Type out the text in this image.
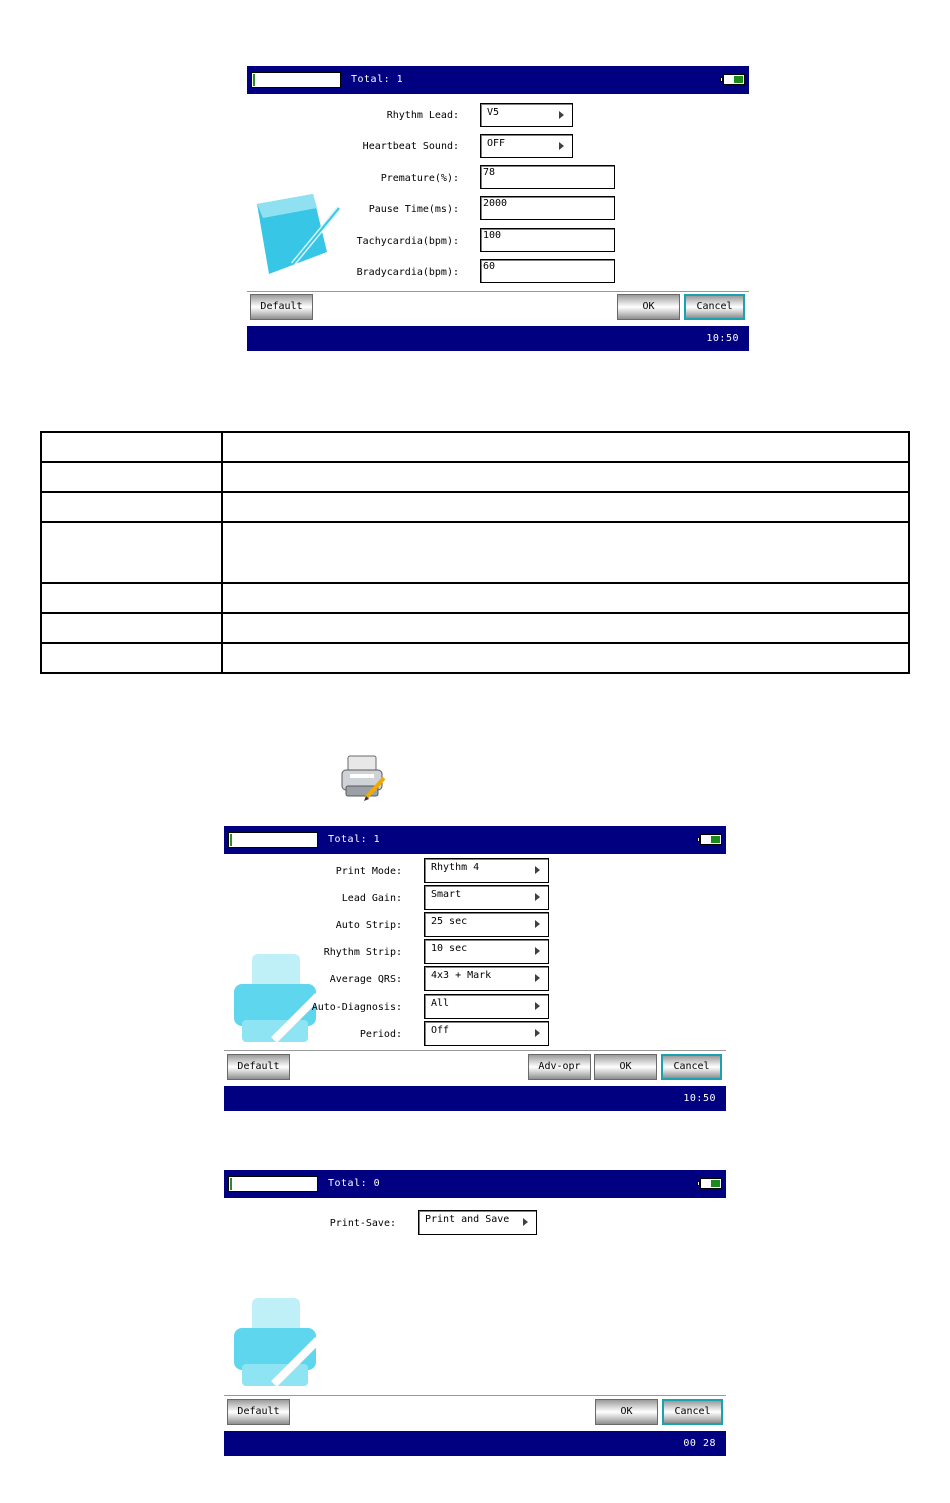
Total: 1
Rhythm Lead:	V5
Heartbeat Sound:	OFF
Premature(%):
78
Pause Time(ms):
2000
Tachycardia(bpm):
100
Bradycardia(bpm):
60
Default	OK	Cancel
10:50

Total: 1
Print Mode:	Rhythm 4
Lead Gain:	Smart
Auto Strip:	25 sec
Rhythm Strip:	10 sec
Average QRS:	4x3 + Mark
Auto-Diagnosis:	All
Period:	Off
Default	Adv-opr	OK	Cancel
10:50
Total: 0
Print-Save:	Print and Save
Default	OK	Cancel
00 28
